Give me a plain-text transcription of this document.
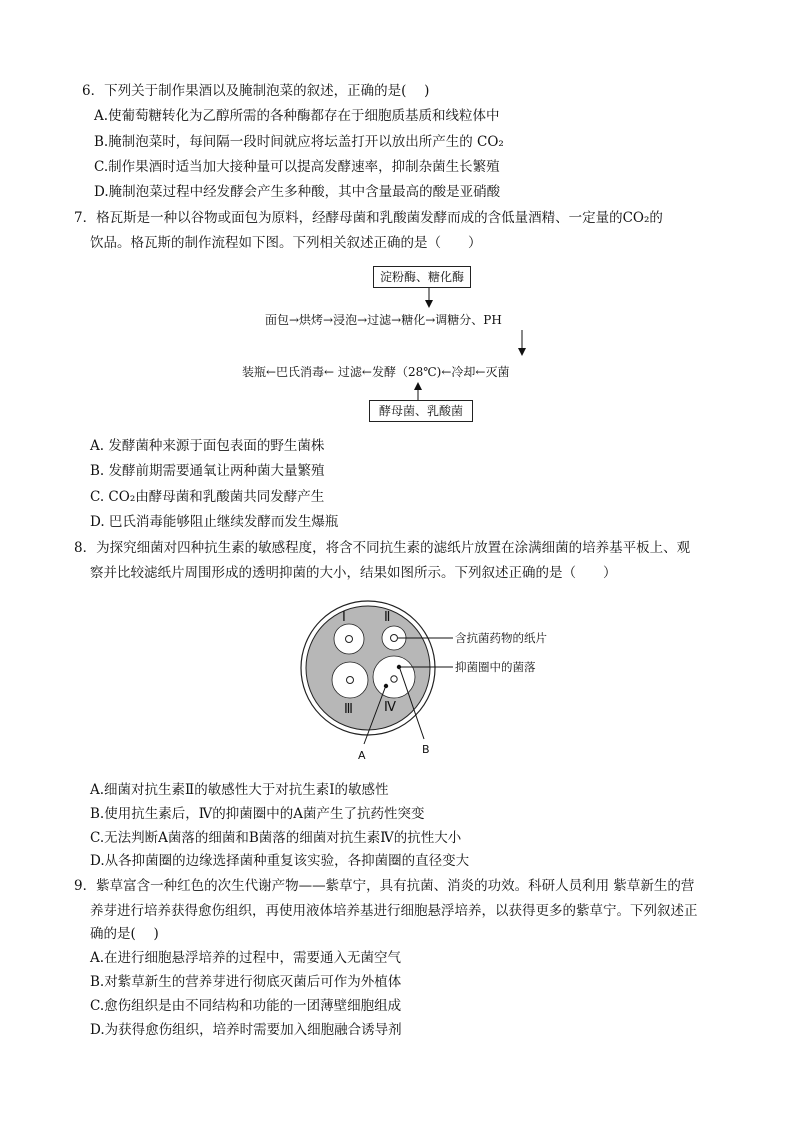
6．下列关于制作果酒以及腌制泡菜的叙述，正确的是(　 )
A.使葡萄糖转化为乙醇所需的各种酶都存在于细胞质基质和线粒体中
B.腌制泡菜时，每间隔一段时间就应将坛盖打开以放出所产生的 CO₂
C.制作果酒时适当加大接种量可以提高发酵速率，抑制杂菌生长繁殖
D.腌制泡菜过程中经发酵会产生多种酸，其中含量最高的酸是亚硝酸
7．格瓦斯是一种以谷物或面包为原料，经酵母菌和乳酸菌发酵而成的含低量酒精、一定量的CO₂的
饮品。格瓦斯的制作流程如下图。下列相关叙述正确的是（　　）
淀粉酶、糖化酶
面包→烘烤→浸泡→过滤→糖化→调糖分、PH
装瓶←巴氏消毒← 过滤←发酵（28℃)←冷却←灭菌
酵母菌、乳酸菌
A. 发酵菌种来源于面包表面的野生菌株
B. 发酵前期需要通氧让两种菌大量繁殖
C. CO₂由酵母菌和乳酸菌共同发酵产生
D. 巴氏消毒能够阻止继续发酵而发生爆瓶
8．为探究细菌对四种抗生素的敏感程度，将含不同抗生素的滤纸片放置在涂满细菌的培养基平板上、观
察并比较滤纸片周围形成的透明抑菌的大小，结果如图所示。下列叙述正确的是（　　）
Ⅰ	Ⅱ
Ⅲ Ⅳ
含抗菌药物的纸片
抑菌圈中的菌落
A	B
A.细菌对抗生素Ⅱ的敏感性大于对抗生素Ⅰ的敏感性
B.使用抗生素后，Ⅳ的抑菌圈中的A菌产生了抗药性突变
C.无法判断A菌落的细菌和B菌落的细菌对抗生素Ⅳ的抗性大小
D.从各抑菌圈的边缘选择菌种重复该实验，各抑菌圈的直径变大
9．紫草富含一种红色的次生代谢产物——紫草宁，具有抗菌、消炎的功效。科研人员利用 紫草新生的营
养芽进行培养获得愈伤组织，再使用液体培养基进行细胞悬浮培养，以获得更多的紫草宁。下列叙述正
确的是(　 )
A.在进行细胞悬浮培养的过程中，需要通入无菌空气
B.对紫草新生的营养芽进行彻底灭菌后可作为外植体
C.愈伤组织是由不同结构和功能的一团薄壁细胞组成
D.为获得愈伤组织，培养时需要加入细胞融合诱导剂
